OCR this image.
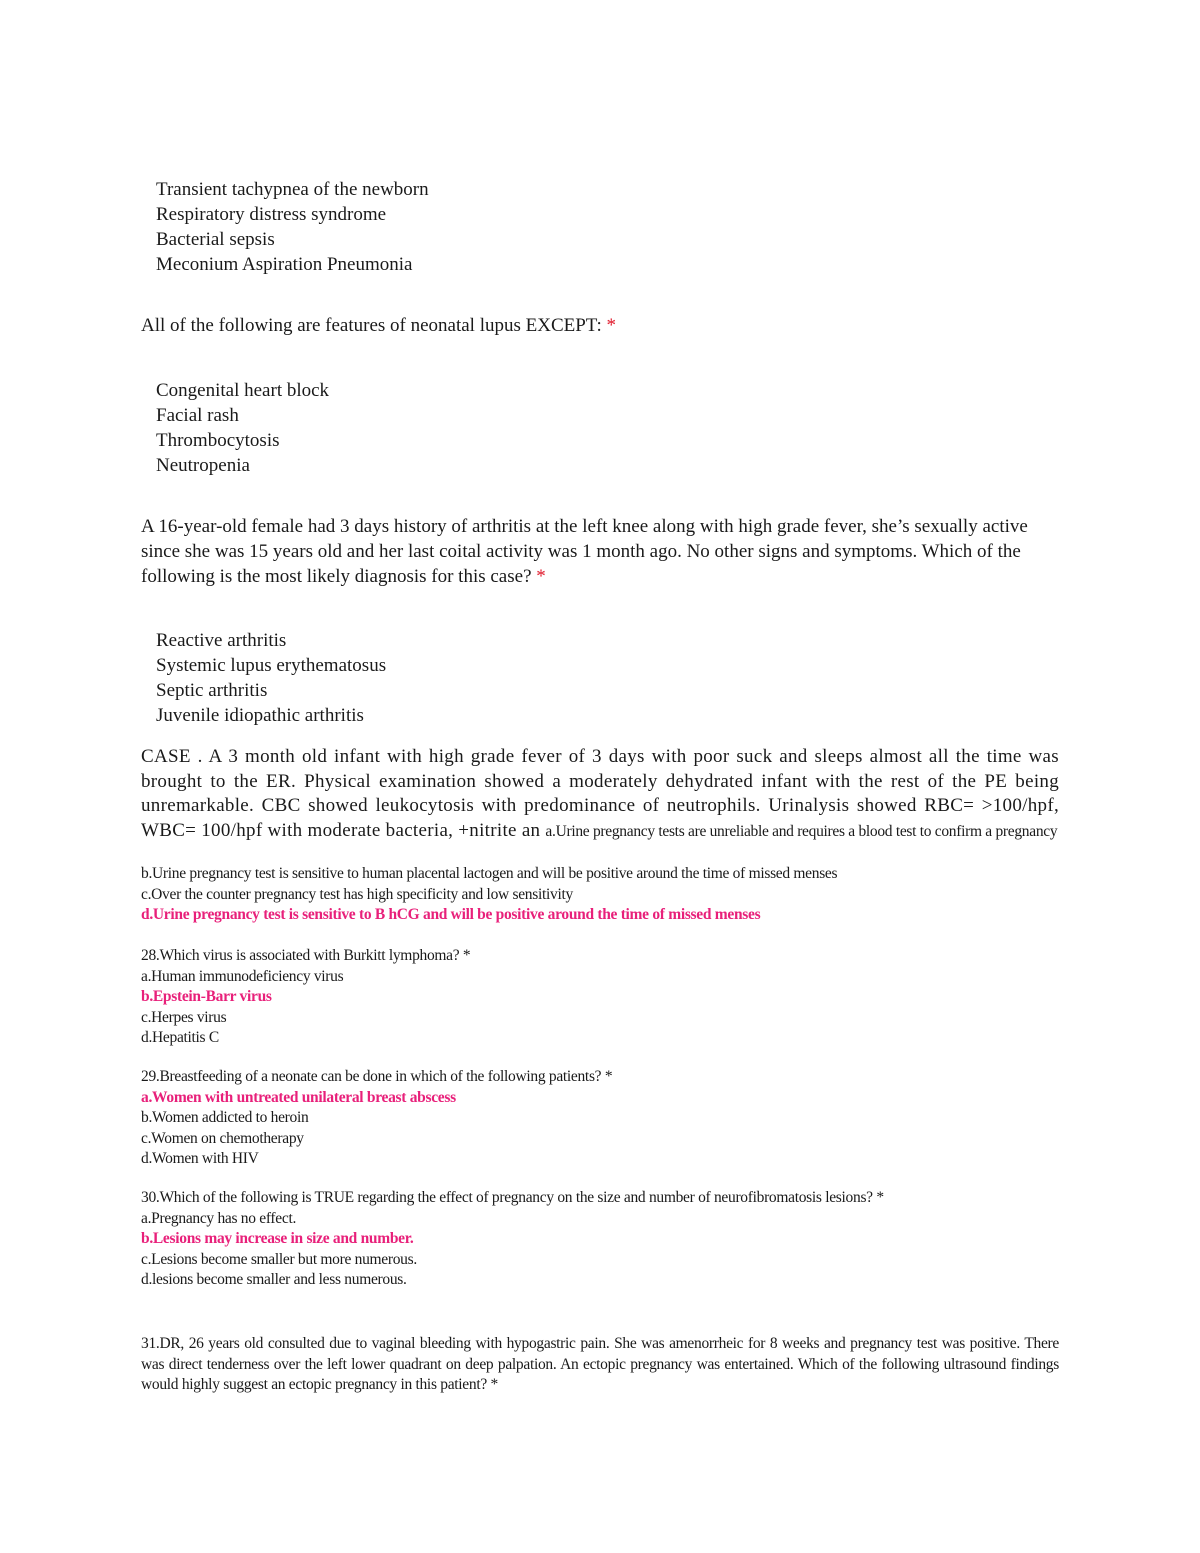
Transient tachypnea of the newborn
Respiratory distress syndrome
Bacterial sepsis
Meconium Aspiration Pneumonia
All of the following are features of neonatal lupus EXCEPT: *
Congenital heart block
Facial rash
Thrombocytosis
Neutropenia
A 16-year-old female had 3 days history of arthritis at the left knee along with high grade fever, she’s sexually active since she was 15 years old and her last coital activity was 1 month ago. No other signs and symptoms. Which of the following is the most likely diagnosis for this case? *
Reactive arthritis
Systemic lupus erythematosus
Septic arthritis
Juvenile idiopathic arthritis
CASE . A 3 month old infant with high grade fever of 3 days with poor suck and sleeps almost all the time was brought to the ER. Physical examination showed a moderately dehydrated infant with the rest of the PE being unremarkable. CBC showed leukocytosis with predominance of neutrophils. Urinalysis showed RBC= >100/hpf, WBC= 100/hpf with moderate bacteria, +nitrite an a.Urine pregnancy tests are unreliable and requires a blood test to confirm a pregnancy
b.Urine pregnancy test is sensitive to human placental lactogen and will be positive around the time of missed menses
c.Over the counter pregnancy test has high specificity and low sensitivity
d.Urine pregnancy test is sensitive to B hCG and will be positive around the time of missed menses
28.Which virus is associated with Burkitt lymphoma? *
a.Human immunodeficiency virus
b.Epstein-Barr virus
c.Herpes virus
d.Hepatitis C
29.Breastfeeding of a neonate can be done in which of the following patients? *
a.Women with untreated unilateral breast abscess
b.Women addicted to heroin
c.Women on chemotherapy
d.Women with HIV
30.Which of the following is TRUE regarding the effect of pregnancy on the size and number of neurofibromatosis lesions? *
a.Pregnancy has no effect.
b.Lesions may increase in size and number.
c.Lesions become smaller but more numerous.
d.lesions become smaller and less numerous.
31.DR, 26 years old consulted due to vaginal bleeding with hypogastric pain. She was amenorrheic for 8 weeks and pregnancy test was positive. There was direct tenderness over the left lower quadrant on deep palpation. An ectopic pregnancy was entertained. Which of the following ultrasound findings would highly suggest an ectopic pregnancy in this patient? *
